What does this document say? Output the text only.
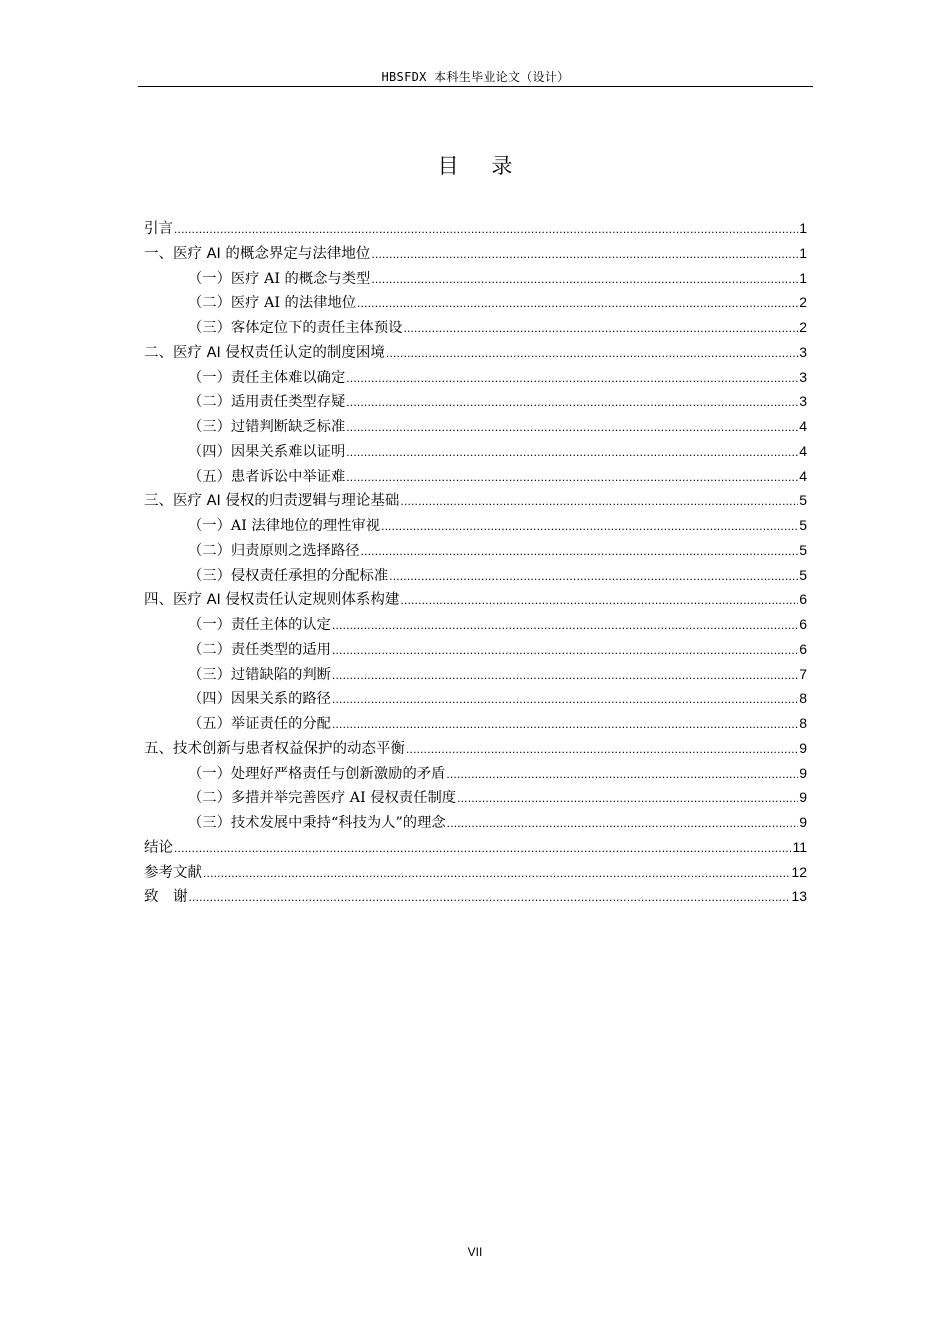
HBSFDX 本科生毕业论文（设计）
目 录
引言 .....	1
一、医疗 AI 的概念界定与法律地位 .....	1
（一）医疗 AI 的概念与类型 .....	1
（二）医疗 AI 的法律地位 .....	2
（三）客体定位下的责任主体预设 .....	2
二、医疗 AI 侵权责任认定的制度困境 .....	3
（一）责任主体难以确定 .....	3
（二）适用责任类型存疑 .....	3
（三）过错判断缺乏标准 .....	4
（四）因果关系难以证明 .....	4
（五）患者诉讼中举证难 .....	4
三、医疗 AI 侵权的归责逻辑与理论基础 .....	5
（一）AI 法律地位的理性审视 .....	5
（二）归责原则之选择路径 .....	5
（三）侵权责任承担的分配标准 .....	5
四、医疗 AI 侵权责任认定规则体系构建 .....	6
（一）责任主体的认定 .....	6
（二）责任类型的适用 .....	6
（三）过错缺陷的判断 .....	7
（四）因果关系的路径 .....	8
（五）举证责任的分配 .....	8
五、技术创新与患者权益保护的动态平衡 .....	9
（一）处理好严格责任与创新激励的矛盾 .....	9
（二）多措并举完善医疗 AI 侵权责任制度 .....	9
（三）技术发展中秉持“科技为人”的理念 .....	9
结论 .....	11
参考文献 .....	12
致　谢 .....	13
VII
